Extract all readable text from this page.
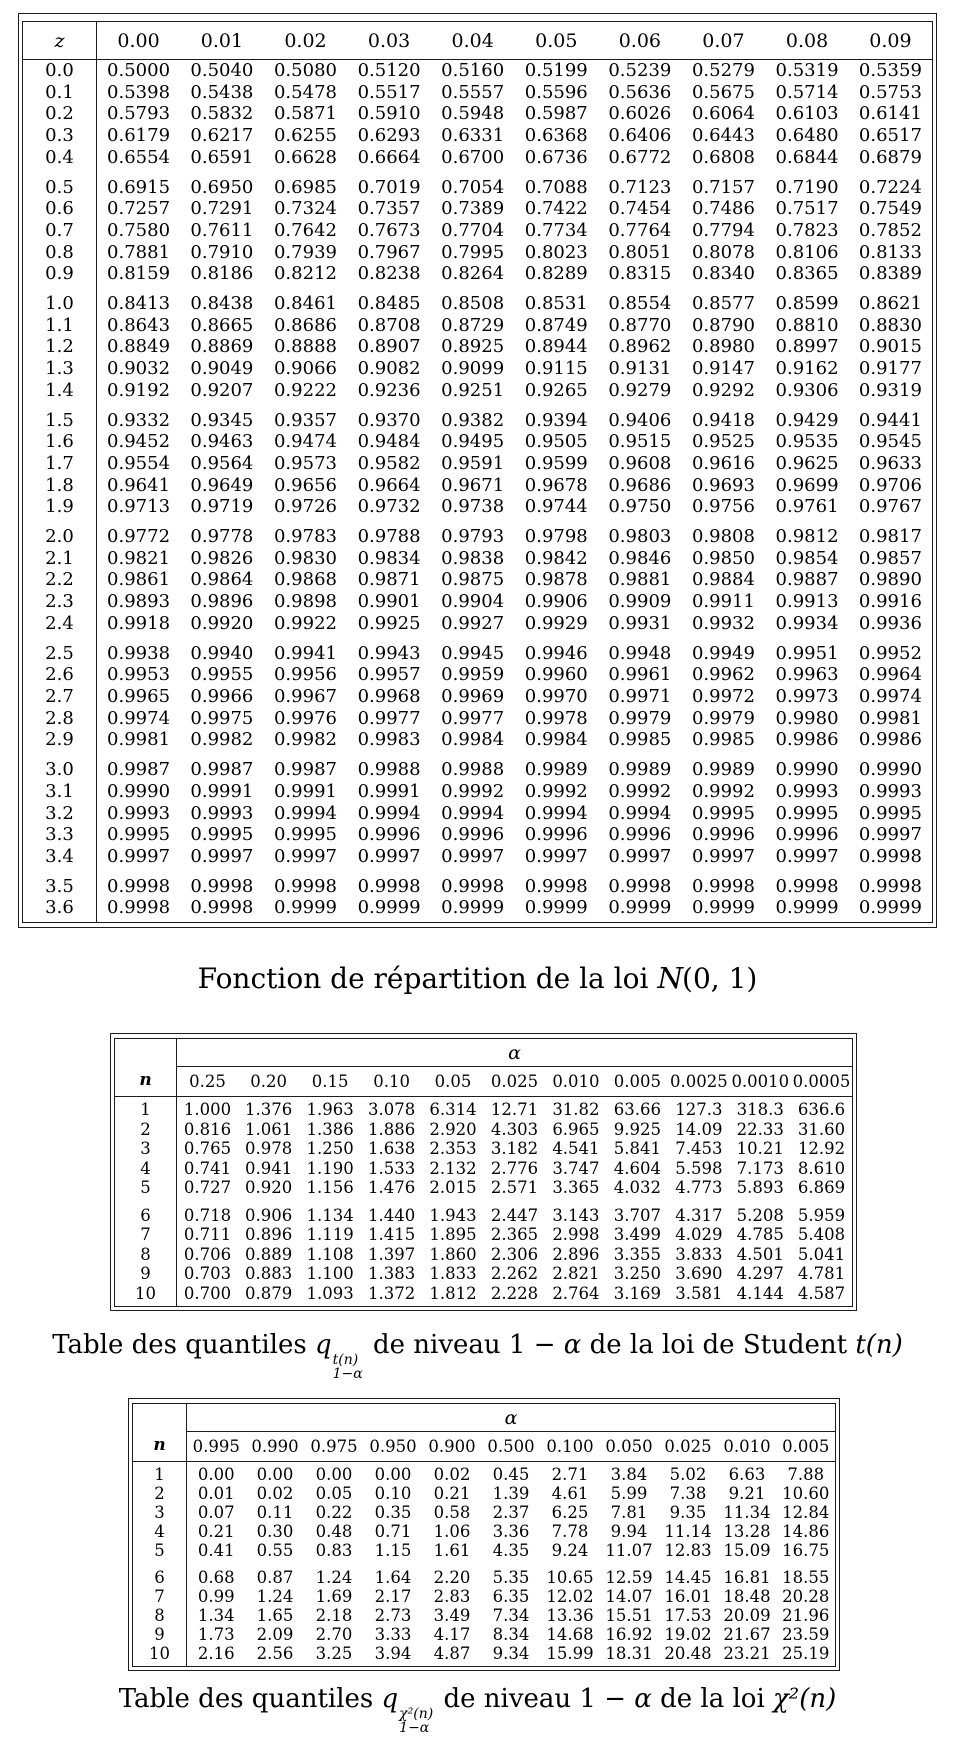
z	0.00	0.01	0.02	0.03	0.04	0.05	0.06	0.07	0.08	0.09
0.0	0.5000	0.5040	0.5080	0.5120	0.5160	0.5199	0.5239	0.5279	0.5319	0.5359
0.1	0.5398	0.5438	0.5478	0.5517	0.5557	0.5596	0.5636	0.5675	0.5714	0.5753
0.2	0.5793	0.5832	0.5871	0.5910	0.5948	0.5987	0.6026	0.6064	0.6103	0.6141
0.3	0.6179	0.6217	0.6255	0.6293	0.6331	0.6368	0.6406	0.6443	0.6480	0.6517
0.4	0.6554	0.6591	0.6628	0.6664	0.6700	0.6736	0.6772	0.6808	0.6844	0.6879
0.5	0.6915	0.6950	0.6985	0.7019	0.7054	0.7088	0.7123	0.7157	0.7190	0.7224
0.6	0.7257	0.7291	0.7324	0.7357	0.7389	0.7422	0.7454	0.7486	0.7517	0.7549
0.7	0.7580	0.7611	0.7642	0.7673	0.7704	0.7734	0.7764	0.7794	0.7823	0.7852
0.8	0.7881	0.7910	0.7939	0.7967	0.7995	0.8023	0.8051	0.8078	0.8106	0.8133
0.9	0.8159	0.8186	0.8212	0.8238	0.8264	0.8289	0.8315	0.8340	0.8365	0.8389
1.0	0.8413	0.8438	0.8461	0.8485	0.8508	0.8531	0.8554	0.8577	0.8599	0.8621
1.1	0.8643	0.8665	0.8686	0.8708	0.8729	0.8749	0.8770	0.8790	0.8810	0.8830
1.2	0.8849	0.8869	0.8888	0.8907	0.8925	0.8944	0.8962	0.8980	0.8997	0.9015
1.3	0.9032	0.9049	0.9066	0.9082	0.9099	0.9115	0.9131	0.9147	0.9162	0.9177
1.4	0.9192	0.9207	0.9222	0.9236	0.9251	0.9265	0.9279	0.9292	0.9306	0.9319
1.5	0.9332	0.9345	0.9357	0.9370	0.9382	0.9394	0.9406	0.9418	0.9429	0.9441
1.6	0.9452	0.9463	0.9474	0.9484	0.9495	0.9505	0.9515	0.9525	0.9535	0.9545
1.7	0.9554	0.9564	0.9573	0.9582	0.9591	0.9599	0.9608	0.9616	0.9625	0.9633
1.8	0.9641	0.9649	0.9656	0.9664	0.9671	0.9678	0.9686	0.9693	0.9699	0.9706
1.9	0.9713	0.9719	0.9726	0.9732	0.9738	0.9744	0.9750	0.9756	0.9761	0.9767
2.0	0.9772	0.9778	0.9783	0.9788	0.9793	0.9798	0.9803	0.9808	0.9812	0.9817
2.1	0.9821	0.9826	0.9830	0.9834	0.9838	0.9842	0.9846	0.9850	0.9854	0.9857
2.2	0.9861	0.9864	0.9868	0.9871	0.9875	0.9878	0.9881	0.9884	0.9887	0.9890
2.3	0.9893	0.9896	0.9898	0.9901	0.9904	0.9906	0.9909	0.9911	0.9913	0.9916
2.4	0.9918	0.9920	0.9922	0.9925	0.9927	0.9929	0.9931	0.9932	0.9934	0.9936
2.5	0.9938	0.9940	0.9941	0.9943	0.9945	0.9946	0.9948	0.9949	0.9951	0.9952
2.6	0.9953	0.9955	0.9956	0.9957	0.9959	0.9960	0.9961	0.9962	0.9963	0.9964
2.7	0.9965	0.9966	0.9967	0.9968	0.9969	0.9970	0.9971	0.9972	0.9973	0.9974
2.8	0.9974	0.9975	0.9976	0.9977	0.9977	0.9978	0.9979	0.9979	0.9980	0.9981
2.9	0.9981	0.9982	0.9982	0.9983	0.9984	0.9984	0.9985	0.9985	0.9986	0.9986
3.0	0.9987	0.9987	0.9987	0.9988	0.9988	0.9989	0.9989	0.9989	0.9990	0.9990
3.1	0.9990	0.9991	0.9991	0.9991	0.9992	0.9992	0.9992	0.9992	0.9993	0.9993
3.2	0.9993	0.9993	0.9994	0.9994	0.9994	0.9994	0.9994	0.9995	0.9995	0.9995
3.3	0.9995	0.9995	0.9995	0.9996	0.9996	0.9996	0.9996	0.9996	0.9996	0.9997
3.4	0.9997	0.9997	0.9997	0.9997	0.9997	0.9997	0.9997	0.9997	0.9997	0.9998
3.5	0.9998	0.9998	0.9998	0.9998	0.9998	0.9998	0.9998	0.9998	0.9998	0.9998
3.6	0.9998	0.9998	0.9999	0.9999	0.9999	0.9999	0.9999	0.9999	0.9999	0.9999
Fonction de répartition de la loi N(0, 1)
n	α										
	0.25	0.20	0.15	0.10	0.05	0.025	0.010	0.005	0.0025	0.0010	0.0005
1	1.000	1.376	1.963	3.078	6.314	12.71	31.82	63.66	127.3	318.3	636.6
2	0.816	1.061	1.386	1.886	2.920	4.303	6.965	9.925	14.09	22.33	31.60
3	0.765	0.978	1.250	1.638	2.353	3.182	4.541	5.841	7.453	10.21	12.92
4	0.741	0.941	1.190	1.533	2.132	2.776	3.747	4.604	5.598	7.173	8.610
5	0.727	0.920	1.156	1.476	2.015	2.571	3.365	4.032	4.773	5.893	6.869
6	0.718	0.906	1.134	1.440	1.943	2.447	3.143	3.707	4.317	5.208	5.959
7	0.711	0.896	1.119	1.415	1.895	2.365	2.998	3.499	4.029	4.785	5.408
8	0.706	0.889	1.108	1.397	1.860	2.306	2.896	3.355	3.833	4.501	5.041
9	0.703	0.883	1.100	1.383	1.833	2.262	2.821	3.250	3.690	4.297	4.781
10	0.700	0.879	1.093	1.372	1.812	2.228	2.764	3.169	3.581	4.144	4.587
Table des quantiles q t(n)
1−α
de niveau 1 − α de la loi de Student t(n)
n	α										
	0.995	0.990	0.975	0.950	0.900	0.500	0.100	0.050	0.025	0.010	0.005
1	0.00	0.00	0.00	0.00	0.02	0.45	2.71	3.84	5.02	6.63	7.88
2	0.01	0.02	0.05	0.10	0.21	1.39	4.61	5.99	7.38	9.21	10.60
3	0.07	0.11	0.22	0.35	0.58	2.37	6.25	7.81	9.35	11.34	12.84
4	0.21	0.30	0.48	0.71	1.06	3.36	7.78	9.94	11.14	13.28	14.86
5	0.41	0.55	0.83	1.15	1.61	4.35	9.24	11.07	12.83	15.09	16.75
6	0.68	0.87	1.24	1.64	2.20	5.35	10.65	12.59	14.45	16.81	18.55
7	0.99	1.24	1.69	2.17	2.83	6.35	12.02	14.07	16.01	18.48	20.28
8	1.34	1.65	2.18	2.73	3.49	7.34	13.36	15.51	17.53	20.09	21.96
9	1.73	2.09	2.70	3.33	4.17	8.34	14.68	16.92	19.02	21.67	23.59
10	2.16	2.56	3.25	3.94	4.87	9.34	15.99	18.31	20.48	23.21	25.19
Table des quantiles q χ²(n)
1−α
de niveau 1 − α de la loi χ²(n)
